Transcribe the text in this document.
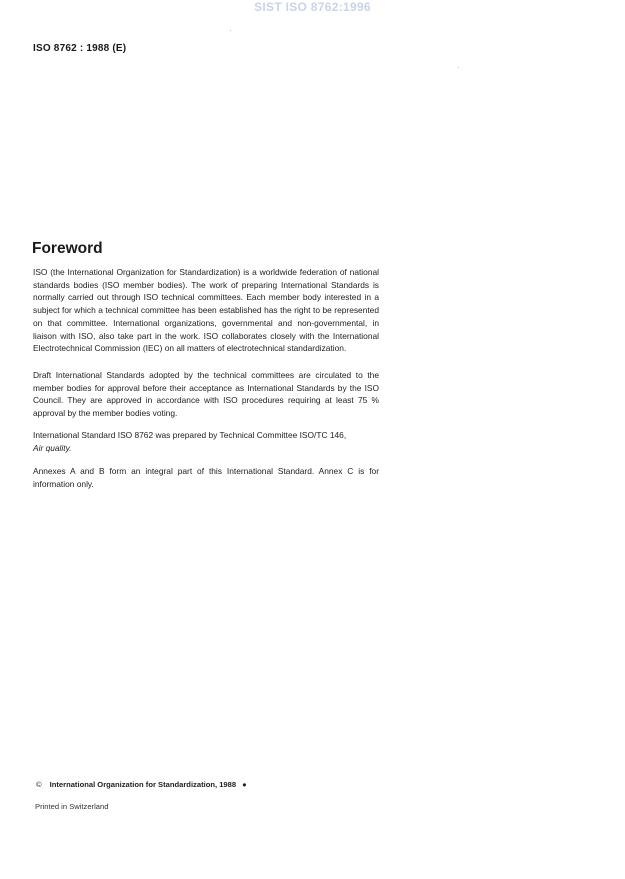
SIST ISO 8762:1996
ISO 8762 : 1988 (E)
Foreword
ISO (the International Organization for Standardization) is a worldwide federation of national standards bodies (ISO member bodies). The work of preparing International Standards is normally carried out through ISO technical committees. Each member body interested in a subject for which a technical committee has been established has the right to be represented on that committee. International organizations, governmental and non-governmental, in liaison with ISO, also take part in the work. ISO collaborates closely with the International Electrotechnical Commission (IEC) on all matters of electrotechnical standardization.
Draft International Standards adopted by the technical committees are circulated to the member bodies for approval before their acceptance as International Standards by the ISO Council. They are approved in accordance with ISO procedures requiring at least 75 % approval by the member bodies voting.
International Standard ISO 8762 was prepared by Technical Committee ISO/TC 146,
Air quality.
Annexes A and B form an integral part of this International Standard. Annex C is for information only.
© International Organization for Standardization, 1988 ●
Printed in Switzerland
